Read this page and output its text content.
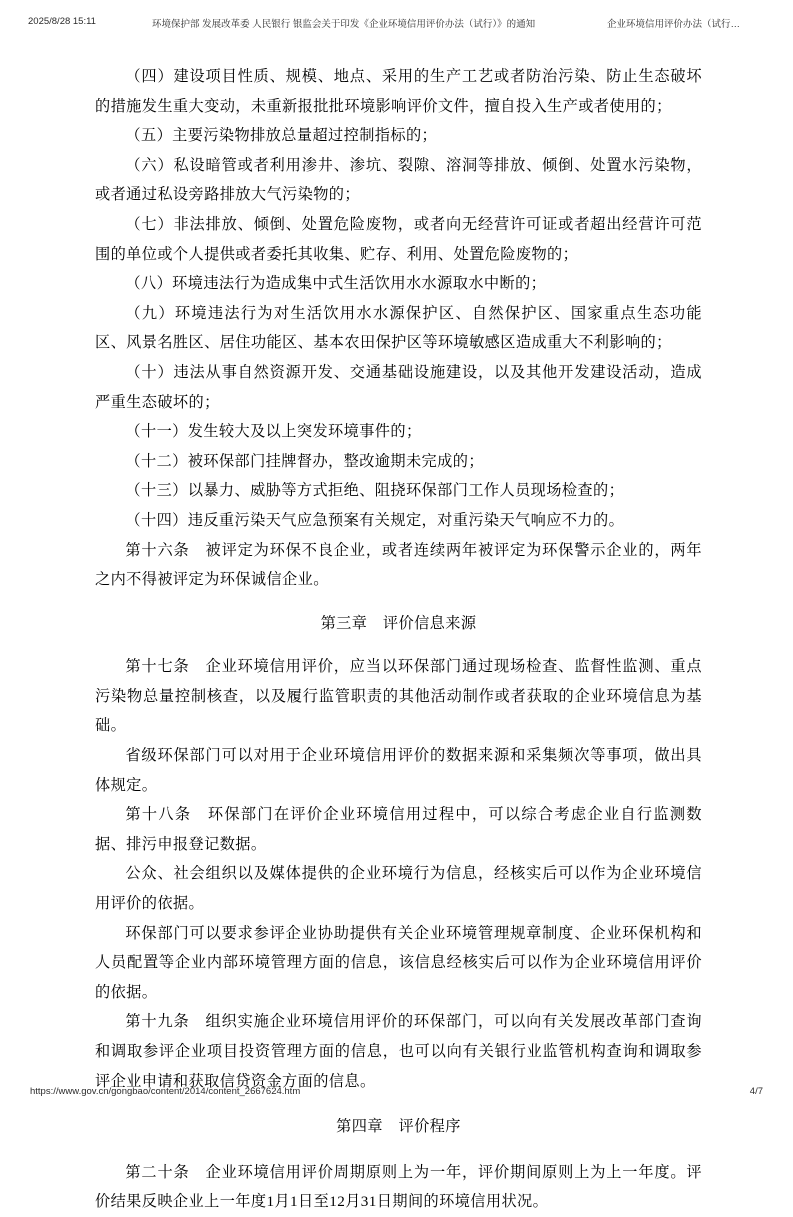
2025/8/28 15:11	环境保护部 发展改革委 人民银行 银监会关于印发《企业环境信用评价办法（试行）》的通知	企业环境信用评价办法（试行…

（四）建设项目性质、规模、地点、采用的生产工艺或者防治污染、防止生态破坏的措施发生重大变动，未重新报批批环境影响评价文件，擅自投入生产或者使用的；

（五）主要污染物排放总量超过控制指标的；

（六）私设暗管或者利用渗井、渗坑、裂隙、溶洞等排放、倾倒、处置水污染物，或者通过私设旁路排放大气污染物的；

（七）非法排放、倾倒、处置危险废物，或者向无经营许可证或者超出经营许可范围的单位或个人提供或者委托其收集、贮存、利用、处置危险废物的；

（八）环境违法行为造成集中式生活饮用水水源取水中断的；

（九）环境违法行为对生活饮用水水源保护区、自然保护区、国家重点生态功能区、风景名胜区、居住功能区、基本农田保护区等环境敏感区造成重大不利影响的；

（十）违法从事自然资源开发、交通基础设施建设，以及其他开发建设活动，造成严重生态破坏的；

（十一）发生较大及以上突发环境事件的；

（十二）被环保部门挂牌督办，整改逾期未完成的；

（十三）以暴力、威胁等方式拒绝、阻挠环保部门工作人员现场检查的；

（十四）违反重污染天气应急预案有关规定，对重污染天气响应不力的。

第十六条　被评定为环保不良企业，或者连续两年被评定为环保警示企业的，两年之内不得被评定为环保诚信企业。

第三章　评价信息来源

第十七条　企业环境信用评价，应当以环保部门通过现场检查、监督性监测、重点污染物总量控制核查，以及履行监管职责的其他活动制作或者获取的企业环境信息为基础。

省级环保部门可以对用于企业环境信用评价的数据来源和采集频次等事项，做出具体规定。

第十八条　环保部门在评价企业环境信用过程中，可以综合考虑企业自行监测数据、排污申报登记数据。

公众、社会组织以及媒体提供的企业环境行为信息，经核实后可以作为企业环境信用评价的依据。

环保部门可以要求参评企业协助提供有关企业环境管理规章制度、企业环保机构和人员配置等企业内部环境管理方面的信息，该信息经核实后可以作为企业环境信用评价的依据。

第十九条　组织实施企业环境信用评价的环保部门，可以向有关发展改革部门查询和调取参评企业项目投资管理方面的信息，也可以向有关银行业监管机构查询和调取参评企业申请和获取信贷资金方面的信息。

第四章　评价程序

第二十条　企业环境信用评价周期原则上为一年，评价期间原则上为上一年度。评价结果反映企业上一年度1月1日至12月31日期间的环境信用状况。

https://www.gov.cn/gongbao/content/2014/content_2667624.htm	4/7
